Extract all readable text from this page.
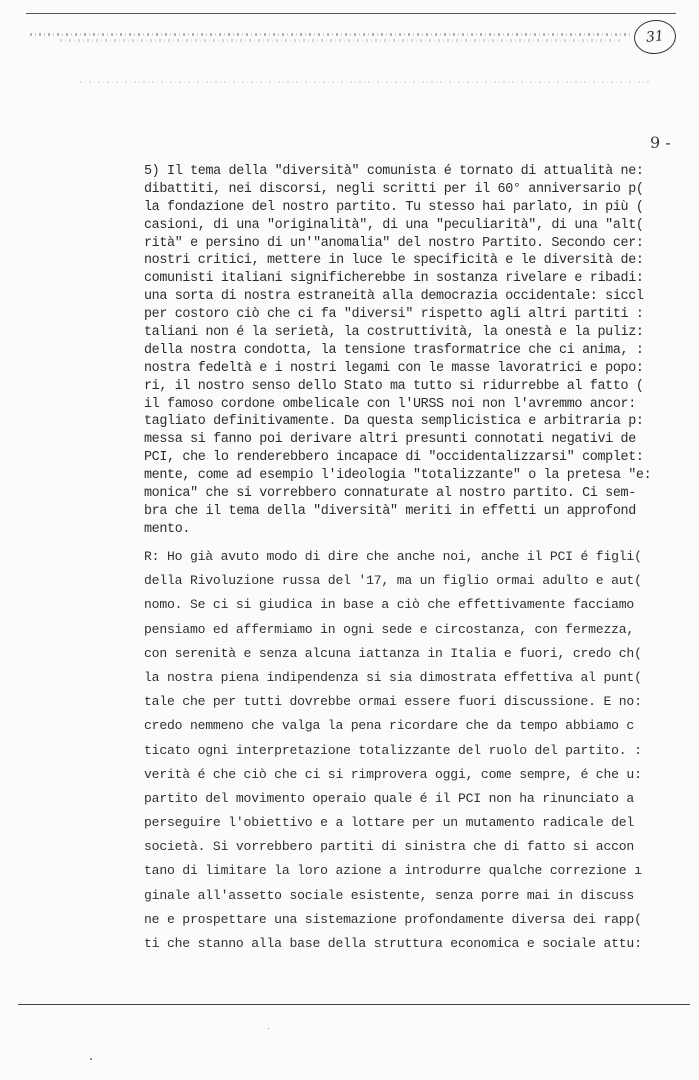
31
9 -
5) Il tema della "diversità" comunista é tornato di attualità ne:
dibattiti, nei discorsi, negli scritti per il 60° anniversario p(
la fondazione del nostro partito. Tu stesso hai parlato, in più (
casioni, di una "originalità", di una "peculiarità", di una "alt(
rità" e persino di un'"anomalia" del nostro Partito. Secondo cer:
nostri critici, mettere in luce le specificità e le diversità de:
comunisti italiani significherebbe in sostanza rivelare e ribadi:
una sorta di nostra estraneità alla democrazia occidentale: siccl
per costoro ciò che ci fa "diversi" rispetto agli altri partiti :
taliani non é la serietà, la costruttività, la onestà e la puliz:
della nostra condotta, la tensione trasformatrice che ci anima, :
nostra fedeltà e i nostri legami con le masse lavoratrici e popo:
ri, il nostro senso dello Stato ma tutto si ridurrebbe al fatto (
il famoso cordone ombelicale con l'URSS noi non l'avremmo ancor:
tagliato definitivamente. Da questa semplicistica e arbitraria p:
messa si fanno poi derivare altri presunti connotati negativi de
PCI, che lo renderebbero incapace di "occidentalizzarsi" complet:
mente, come ad esempio l'ideologia "totalizzante" o la pretesa "e:
monica" che si vorrebbero connaturate al nostro partito. Ci sem-
bra che il tema della "diversità" meriti in effetti un approfond
mento.
R: Ho già avuto modo di dire che anche noi, anche il PCI é figli(
della Rivoluzione russa del '17, ma un figlio ormai adulto e aut(
nomo. Se ci si giudica in base a ciò che effettivamente facciamo
pensiamo ed affermiamo in ogni sede e circostanza, con fermezza,
con serenità e senza alcuna iattanza in Italia e fuori, credo ch(
la nostra piena indipendenza si sia dimostrata effettiva al punt(
tale che per tutti dovrebbe ormai essere fuori discussione. E no:
credo nemmeno che valga la pena ricordare che da tempo abbiamo c
ticato ogni interpretazione totalizzante del ruolo del partito. :
verità é che ciò che ci si rimprovera oggi, come sempre, é che u:
partito del movimento operaio quale é il PCI non ha rinunciato a
perseguire l'obiettivo e a lottare per un mutamento radicale del
società. Si vorrebbero partiti di sinistra che di fatto si accon
tano di limitare la loro azione a introdurre qualche correzione ı
ginale all'assetto sociale esistente, senza porre mai in discuss
ne e prospettare una sistemazione profondamente diversa dei rapp(
ti che stanno alla base della struttura economica e sociale attu:
